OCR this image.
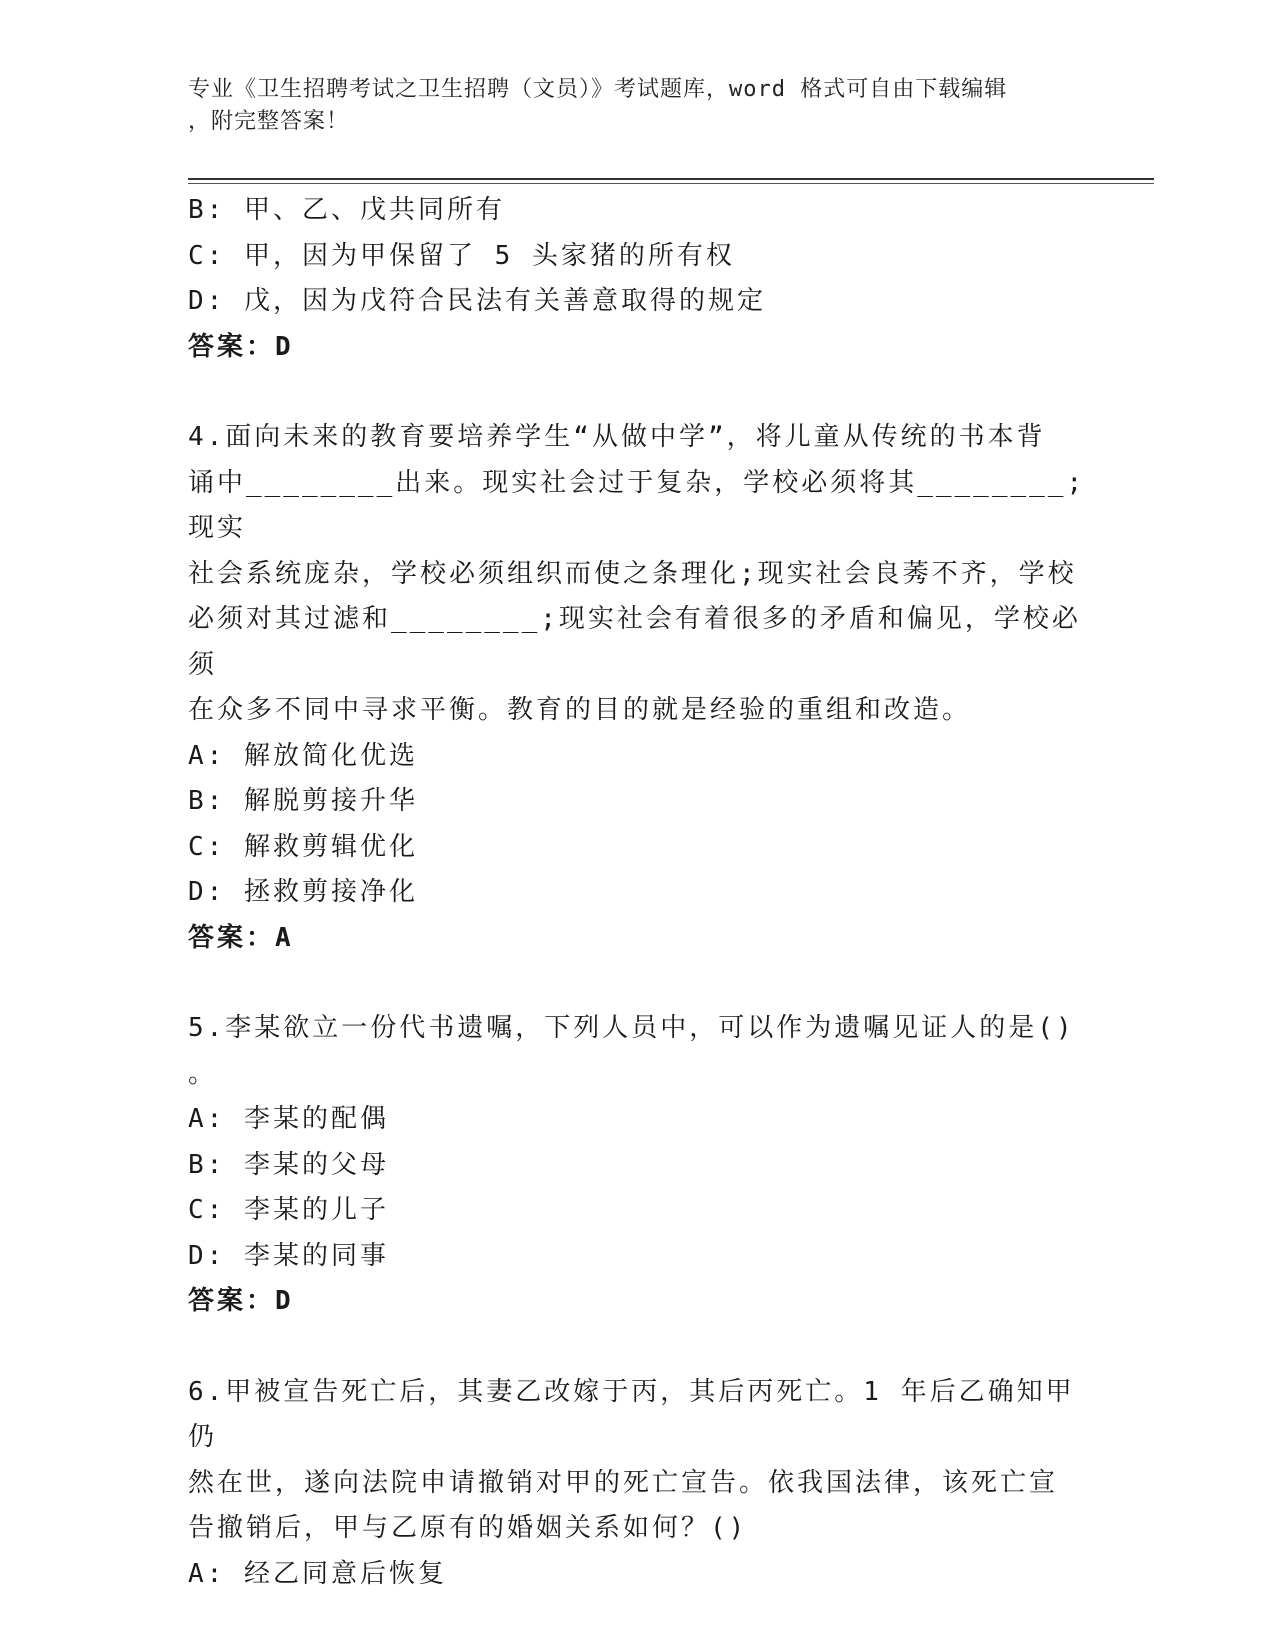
专业《卫生招聘考试之卫生招聘（文员）》考试题库，word 格式可自由下载编辑
，附完整答案！

B: 甲、乙、戊共同所有

C: 甲，因为甲保留了 5 头家猪的所有权

D: 戊，因为戊符合民法有关善意取得的规定

答案：D

4.面向未来的教育要培养学生“从做中学”，将儿童从传统的书本背

诵中________出来。现实社会过于复杂，学校必须将其________;现实

社会系统庞杂，学校必须组织而使之条理化;现实社会良莠不齐，学校

必须对其过滤和________;现实社会有着很多的矛盾和偏见，学校必须

在众多不同中寻求平衡。教育的目的就是经验的重组和改造。

A: 解放简化优选

B: 解脱剪接升华

C: 解救剪辑优化

D: 拯救剪接净化

答案：A

5.李某欲立一份代书遗嘱，下列人员中，可以作为遗嘱见证人的是()

。

A: 李某的配偶

B: 李某的父母

C: 李某的儿子

D: 李某的同事

答案：D

6.甲被宣告死亡后，其妻乙改嫁于丙，其后丙死亡。1 年后乙确知甲仍

然在世，遂向法院申请撤销对甲的死亡宣告。依我国法律，该死亡宣

告撤销后，甲与乙原有的婚姻关系如何？()

A: 经乙同意后恢复
